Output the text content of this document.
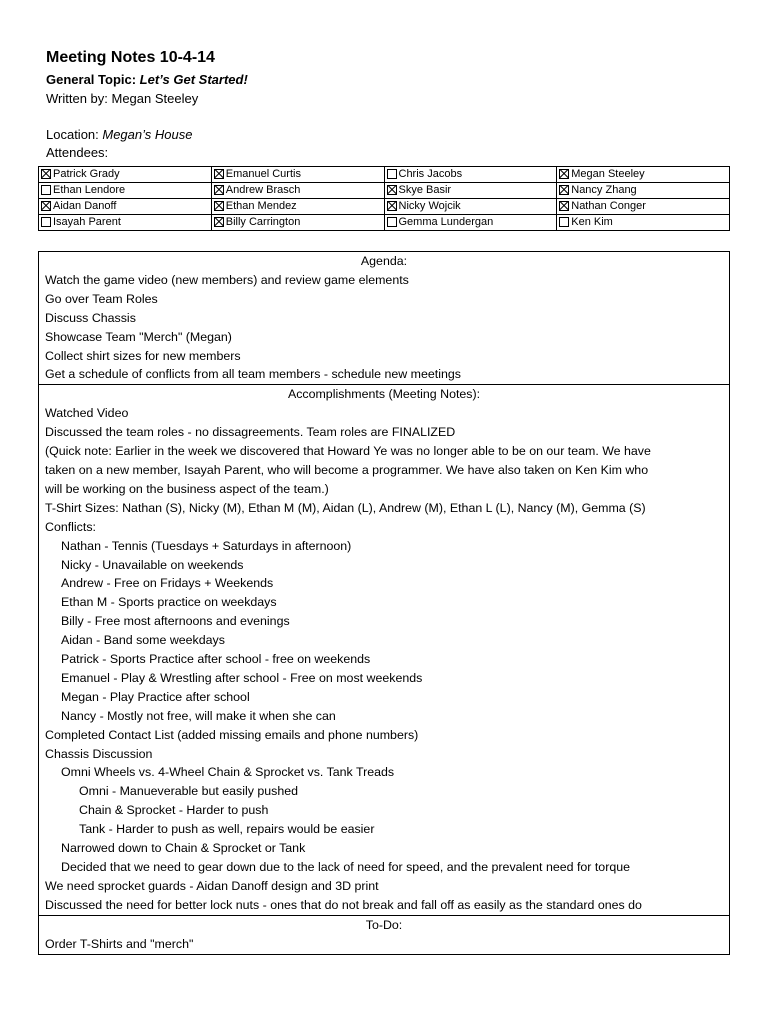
Meeting Notes 10-4-14
General Topic: Let’s Get Started!
Written by: Megan Steeley
Location: Megan’s House
Attendees:
Patrick Grady	Emanuel Curtis	Chris Jacobs	Megan Steeley
Ethan Lendore	Andrew Brasch	Skye Basir	Nancy Zhang
Aidan Danoff	Ethan Mendez	Nicky Wojcik	Nathan Conger
Isayah Parent	Billy Carrington	Gemma Lundergan	Ken Kim
Agenda:
Watch the game video (new members) and review game elements
Go over Team Roles
Discuss Chassis
Showcase Team "Merch" (Megan)
Collect shirt sizes for new members
Get a schedule of conflicts from all team members - schedule new meetings
Accomplishments (Meeting Notes):
Watched Video
Discussed the team roles - no dissagreements. Team roles are FINALIZED
(Quick note: Earlier in the week we discovered that Howard Ye was no longer able to be on our team. We have
taken on a new member, Isayah Parent, who will become a programmer. We have also taken on Ken Kim who
will be working on the business aspect of the team.)
T-Shirt Sizes: Nathan (S), Nicky (M), Ethan M (M), Aidan (L), Andrew (M), Ethan L (L), Nancy (M), Gemma (S)
Conflicts:
Nathan - Tennis (Tuesdays + Saturdays in afternoon)
Nicky - Unavailable on weekends
Andrew - Free on Fridays + Weekends
Ethan M - Sports practice on weekdays
Billy - Free most afternoons and evenings
Aidan - Band some weekdays
Patrick - Sports Practice after school - free on weekends
Emanuel - Play & Wrestling after school - Free on most weekends
Megan - Play Practice after school
Nancy - Mostly not free, will make it when she can
Completed Contact List (added missing emails and phone numbers)
Chassis Discussion
Omni Wheels vs. 4-Wheel Chain & Sprocket vs. Tank Treads
Omni - Manueverable but easily pushed
Chain & Sprocket - Harder to push
Tank - Harder to push as well, repairs would be easier
Narrowed down to Chain & Sprocket or Tank
Decided that we need to gear down due to the lack of need for speed, and the prevalent need for torque
We need sprocket guards - Aidan Danoff design and 3D print
Discussed the need for better lock nuts - ones that do not break and fall off as easily as the standard ones do
To-Do:
Order T-Shirts and "merch"
